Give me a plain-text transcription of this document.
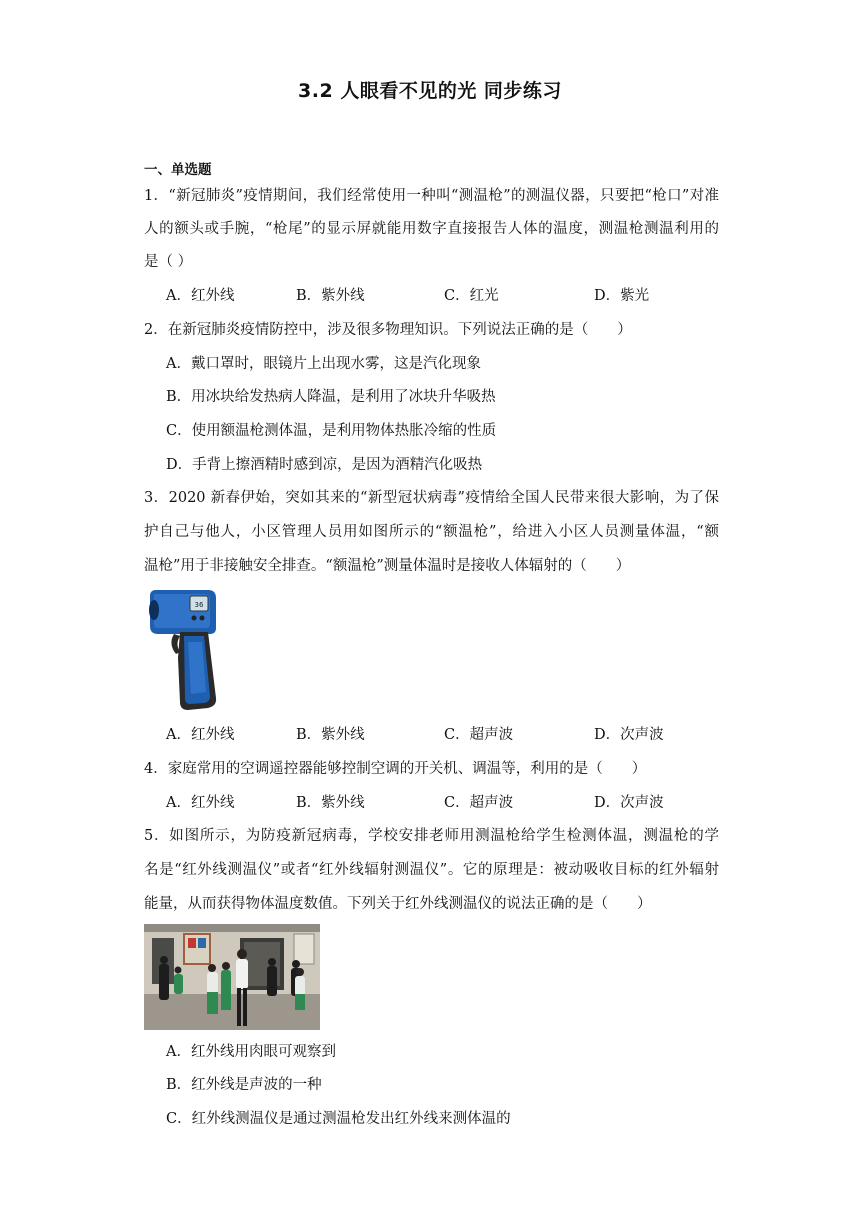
3.2 人眼看不见的光 同步练习
一、单选题
1．“新冠肺炎”疫情期间，我们经常使用一种叫“测温枪”的测温仪器，只要把“枪口”对准
人的额头或手腕，“枪尾”的显示屏就能用数字直接报告人体的温度，测温枪测温利用的
是（ ）
A．红外线	B．紫外线	C．红光	D．紫光
2．在新冠肺炎疫情防控中，涉及很多物理知识。下列说法正确的是（　　）
A．戴口罩时，眼镜片上出现水雾，这是汽化现象
B．用冰块给发热病人降温，是利用了冰块升华吸热
C．使用额温枪测体温，是利用物体热胀冷缩的性质
D．手背上擦酒精时感到凉，是因为酒精汽化吸热
3．2020 新春伊始，突如其来的“新型冠状病毒”疫情给全国人民带来很大影响，为了保
护自己与他人，小区管理人员用如图所示的“额温枪”，给进入小区人员测量体温，“额
温枪”用于非接触安全排查。“额温枪”测量体温时是接收人体辐射的（　　）
36
A．红外线	B．紫外线	C．超声波	D．次声波
4．家庭常用的空调遥控器能够控制空调的开关机、调温等，利用的是（　　）
A．红外线	B．紫外线	C．超声波	D．次声波
5．如图所示，为防疫新冠病毒，学校安排老师用测温枪给学生检测体温，测温枪的学
名是“红外线测温仪”或者“红外线辐射测温仪”。它的原理是：被动吸收目标的红外辐射
能量，从而获得物体温度数值。下列关于红外线测温仪的说法正确的是（　　）
A．红外线用肉眼可观察到
B．红外线是声波的一种
C．红外线测温仪是通过测温枪发出红外线来测体温的
